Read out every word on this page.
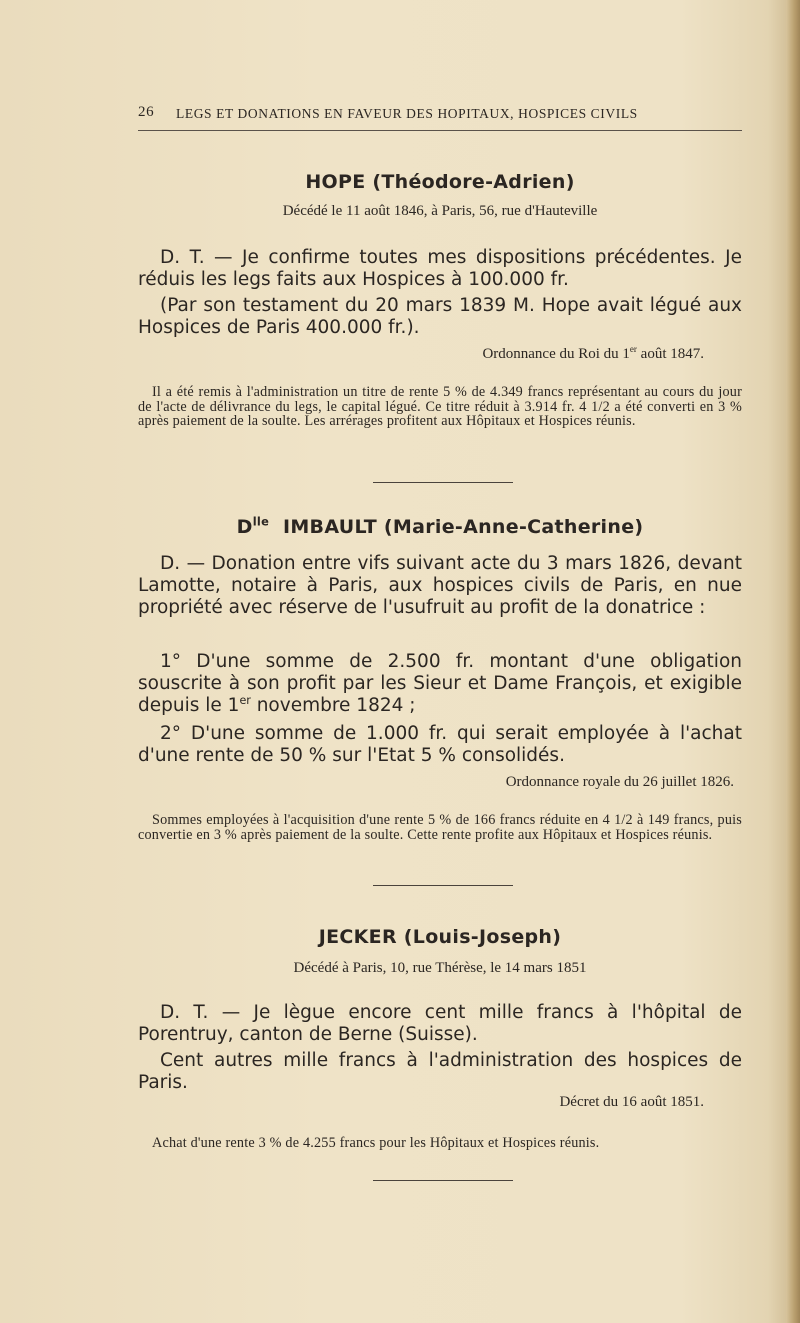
26 LEGS ET DONATIONS EN FAVEUR DES HOPITAUX, HOSPICES CIVILS
HOPE (Théodore-Adrien)
Décédé le 11 août 1846, à Paris, 56, rue d'Hauteville

D. T. — Je confirme toutes mes dispositions précédentes. Je réduis les legs faits aux Hospices à 100.000 fr.

(Par son testament du 20 mars 1839 M. Hope avait légué aux Hospices de Paris 400.000 fr.).

Ordonnance du Roi du 1er août 1847.

Il a été remis à l'administration un titre de rente 5 % de 4.349 francs représentant au cours du jour de l'acte de délivrance du legs, le capital légué. Ce titre réduit à 3.914 fr. 4 1/2 a été converti en 3 % après paiement de la soulte. Les arrérages profitent aux Hôpitaux et Hospices réunis.

$D^{lle}$ IMBAULT (Marie-Anne-Catherine)

D. — Donation entre vifs suivant acte du 3 mars 1826, devant Lamotte, notaire à Paris, aux hospices civils de Paris, en nue propriété avec réserve de l'usufruit au profit de la donatrice :

1° D'une somme de 2.500 fr. montant d'une obligation souscrite à son profit par les Sieur et Dame François, et exigible depuis le 1er novembre 1824 ;

2° D'une somme de 1.000 fr. qui serait employée à l'achat d'une rente de 50 % sur l'Etat 5 % consolidés.

Ordonnance royale du 26 juillet 1826.

Sommes employées à l'acquisition d'une rente 5 % de 166 francs réduite en 4 1/2 à 149 francs, puis convertie en 3 % après paiement de la soulte. Cette rente profite aux Hôpitaux et Hospices réunis.

JECKER (Louis-Joseph)
Décédé à Paris, 10, rue Thérèse, le 14 mars 1851

D. T. — Je lègue encore cent mille francs à l'hôpital de Porentruy, canton de Berne (Suisse).

Cent autres mille francs à l'administration des hospices de Paris.

Décret du 16 août 1851.

Achat d'une rente 3 % de 4.255 francs pour les Hôpitaux et Hospices réunis.
